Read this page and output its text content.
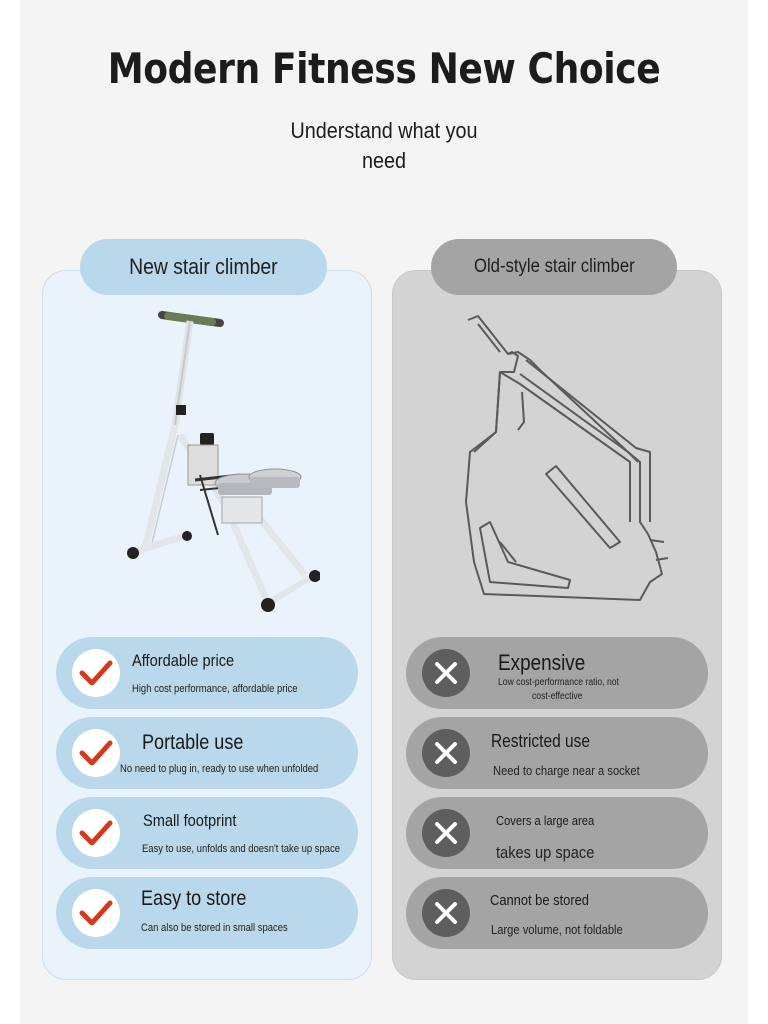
Modern Fitness New Choice
Understand what you
need
New stair climber
Affordable price
High cost performance, affordable price
Portable use
No need to plug in, ready to use when unfolded
Small footprint
Easy to use, unfolds and doesn't take up space
Easy to store
Can also be stored in small spaces
Old-style stair climber
Expensive
Low cost-performance ratio, not
cost-effective
Restricted use
Need to charge near a socket
Covers a large area
takes up space
Cannot be stored
Large volume, not foldable
